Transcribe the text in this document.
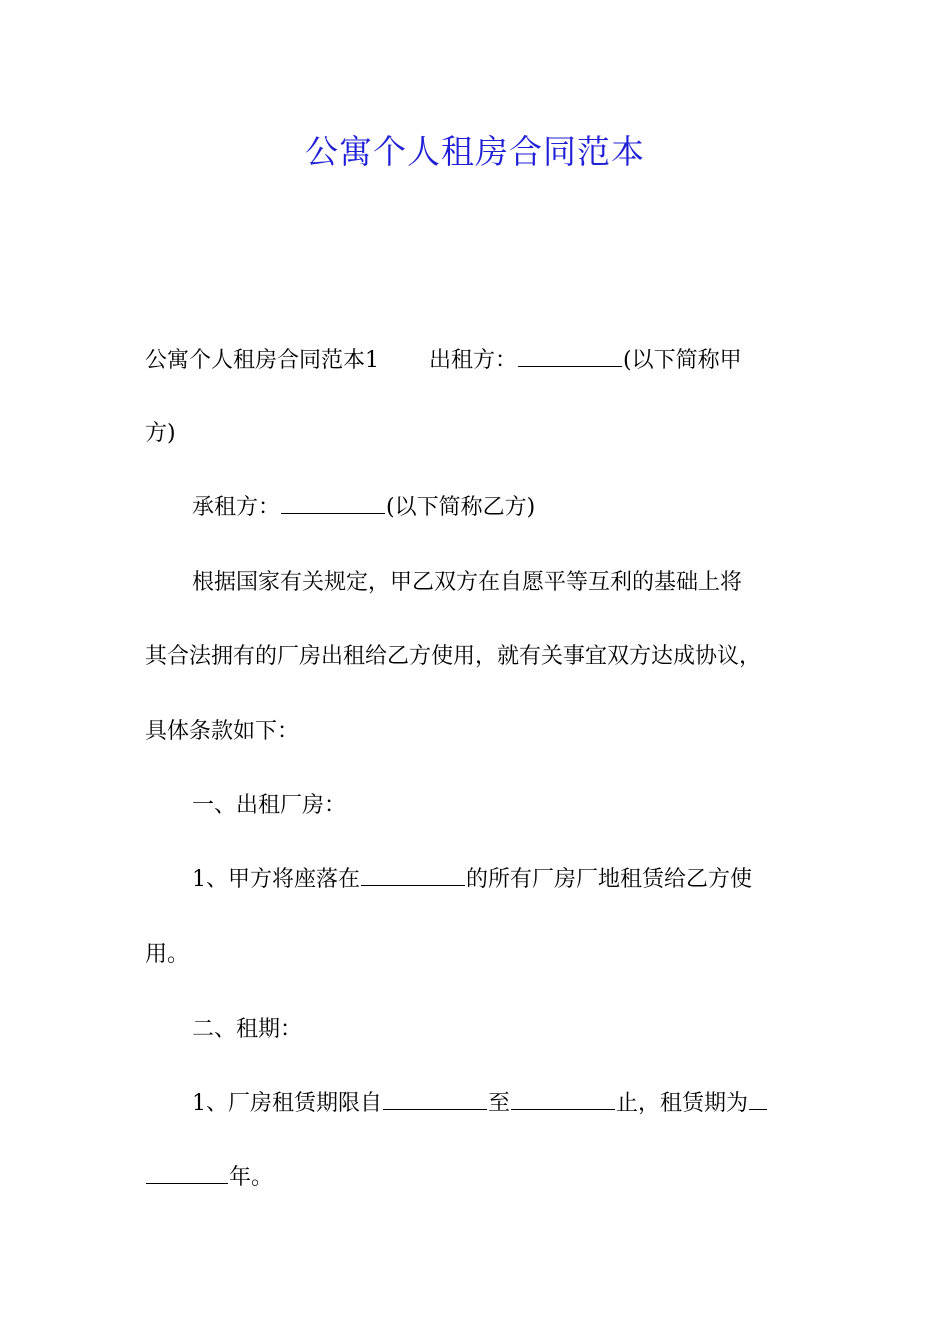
公寓个人租房合同范本
公寓个人租房合同范本1 出租方：	(以下简称甲
方)
承租方：	(以下简称乙方)
根据国家有关规定，甲乙双方在自愿平等互利的基础上将
其合法拥有的厂房出租给乙方使用，就有关事宜双方达成协议，
具体条款如下：
一、出租厂房：
1、甲方将座落在	的所有厂房厂地租赁给乙方使
用。
二、租期：
1、厂房租赁期限自	至	止，租赁期为
年。
